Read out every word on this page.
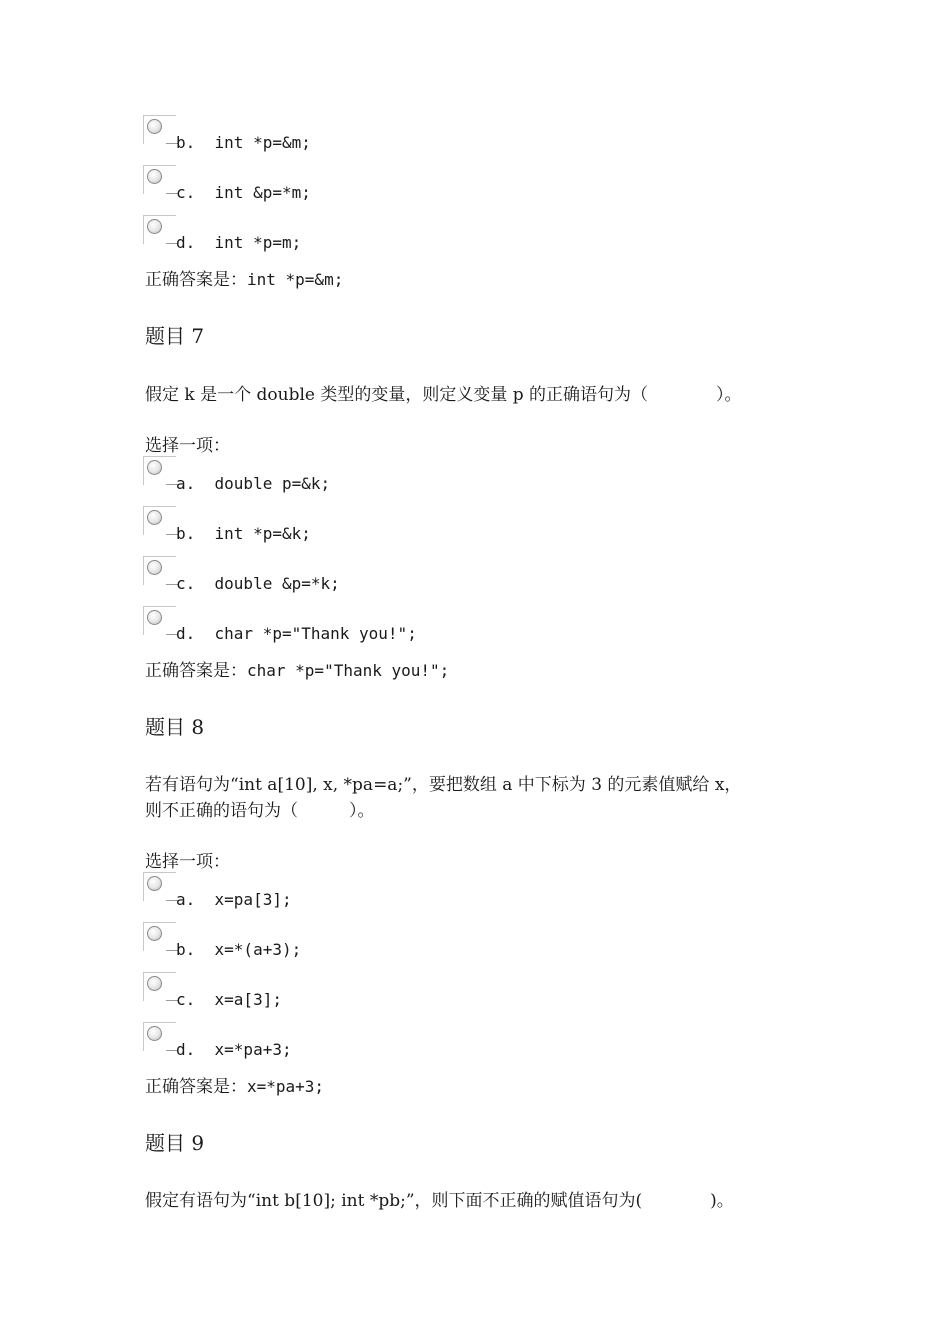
b. int *p=&m;
c. int &p=*m;
d. int *p=m;
正确答案是：int *p=&m;
题目 7
假定 k 是一个 double 类型的变量，则定义变量 p 的正确语句为（　　　　）。
选择一项：
a. double p=&k;
b. int *p=&k;
c. double &p=*k;
d. char *p="Thank you!";
正确答案是：char *p="Thank you!";
题目 8
若有语句为“int a[10], x, *pa=a;”，要把数组 a 中下标为 3 的元素值赋给 x，
则不正确的语句为（　　　）。
选择一项：
a. x=pa[3];
b. x=*(a+3);
c. x=a[3];
d. x=*pa+3;
正确答案是：x=*pa+3;
题目 9
假定有语句为“int b[10]; int *pb;”，则下面不正确的赋值语句为(　　　　)。
